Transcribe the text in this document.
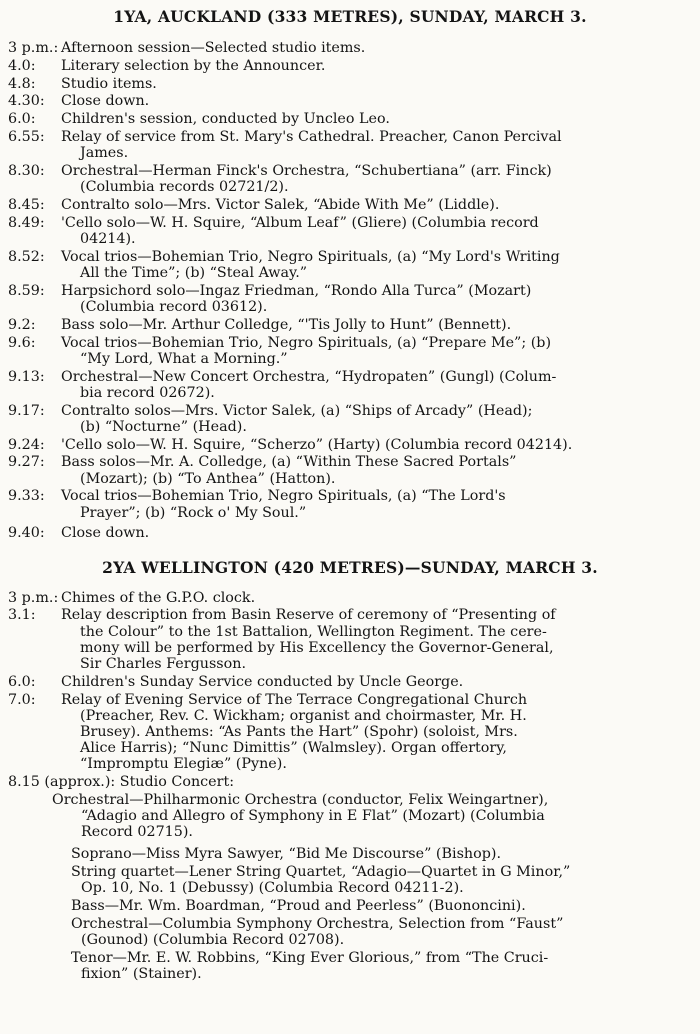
1YA, AUCKLAND (333 METRES), SUNDAY, MARCH 3.
3 p.m.: Afternoon session—Selected studio items.
4.0: Literary selection by the Announcer.
4.8: Studio items.
4.30: Close down.
6.0: Children's session, conducted by Uncleo Leo.
6.55: Relay of service from St. Mary's Cathedral. Preacher, Canon Percival
James.
8.30: Orchestral—Herman Finck's Orchestra, “Schubertiana” (arr. Finck)
(Columbia records 02721/2).
8.45: Contralto solo—Mrs. Victor Salek, “Abide With Me” (Liddle).
8.49: 'Cello solo—W. H. Squire, “Album Leaf” (Gliere) (Columbia record
04214).
8.52: Vocal trios—Bohemian Trio, Negro Spirituals, (a) “My Lord's Writing
All the Time”; (b) “Steal Away.”
8.59: Harpsichord solo—Ingaz Friedman, “Rondo Alla Turca” (Mozart)
(Columbia record 03612).
9.2: Bass solo—Mr. Arthur Colledge, “'Tis Jolly to Hunt” (Bennett).
9.6: Vocal trios—Bohemian Trio, Negro Spirituals, (a) “Prepare Me”; (b)
“My Lord, What a Morning.”
9.13: Orchestral—New Concert Orchestra, “Hydropaten” (Gungl) (Colum-
bia record 02672).
9.17: Contralto solos—Mrs. Victor Salek, (a) “Ships of Arcady” (Head);
(b) “Nocturne” (Head).
9.24: 'Cello solo—W. H. Squire, “Scherzo” (Harty) (Columbia record 04214).
9.27: Bass solos—Mr. A. Colledge, (a) “Within These Sacred Portals”
(Mozart); (b) “To Anthea” (Hatton).
9.33: Vocal trios—Bohemian Trio, Negro Spirituals, (a) “The Lord's
Prayer”; (b) “Rock o' My Soul.”
9.40: Close down.
2YA WELLINGTON (420 METRES)—SUNDAY, MARCH 3.
3 p.m.: Chimes of the G.P.O. clock.
3.1: Relay description from Basin Reserve of ceremony of “Presenting of
the Colour” to the 1st Battalion, Wellington Regiment. The cere-
mony will be performed by His Excellency the Governor-General,
Sir Charles Fergusson.
6.0: Children's Sunday Service conducted by Uncle George.
7.0: Relay of Evening Service of The Terrace Congregational Church
(Preacher, Rev. C. Wickham; organist and choirmaster, Mr. H.
Brusey). Anthems: “As Pants the Hart” (Spohr) (soloist, Mrs.
Alice Harris); “Nunc Dimittis” (Walmsley). Organ offertory,
“Impromptu Elegiæ” (Pyne).
8.15 (approx.): Studio Concert:
Orchestral—Philharmonic Orchestra (conductor, Felix Weingartner),
“Adagio and Allegro of Symphony in E Flat” (Mozart) (Columbia
Record 02715).
Soprano—Miss Myra Sawyer, “Bid Me Discourse” (Bishop).
String quartet—Lener String Quartet, “Adagio—Quartet in G Minor,”
Op. 10, No. 1 (Debussy) (Columbia Record 04211-2).
Bass—Mr. Wm. Boardman, “Proud and Peerless” (Buononcini).
Orchestral—Columbia Symphony Orchestra, Selection from “Faust”
(Gounod) (Columbia Record 02708).
Tenor—Mr. E. W. Robbins, “King Ever Glorious,” from “The Cruci-
fixion” (Stainer).
